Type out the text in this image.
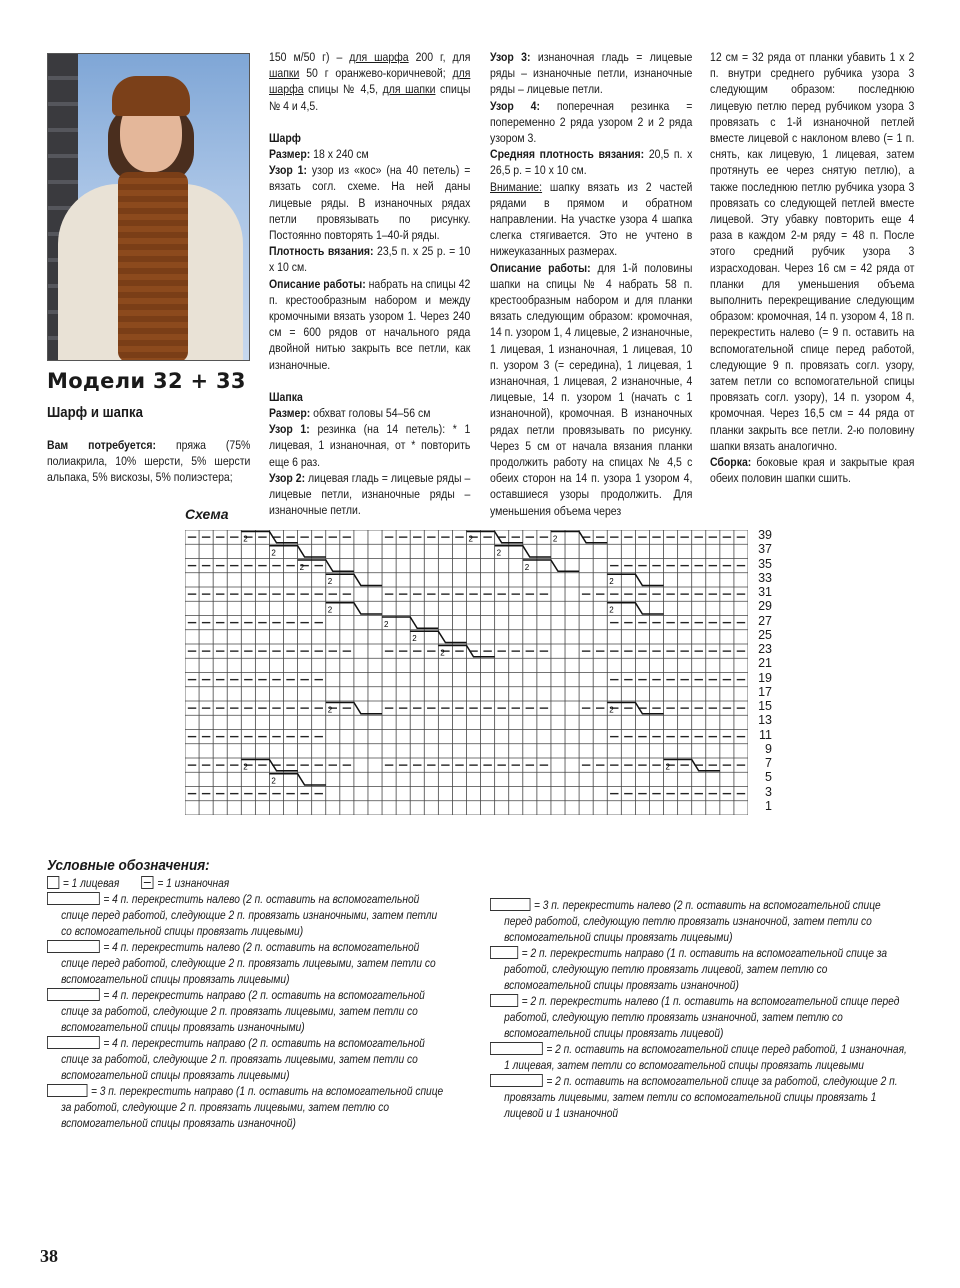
Модели 32 + 33
Шарф и шапка

Вам потребуется: пряжа (75% полиакрила, 10% шерсти, 5% шерсти альпака, 5% вискозы, 5% полиэстера;

150 м/50 г) – для шарфа 200 г, для шапки 50 г оранжево-коричневой; для шарфа спицы № 4,5, для шапки спицы № 4 и 4,5.

Шарф

Размер: 18 х 240 см

Узор 1: узор из «кос» (на 40 петель) = вязать согл. схеме. На ней даны лицевые ряды. В изнаночных рядах петли провязывать по рисунку. Постоянно повторять 1–40-й ряды.

Плотность вязания: 23,5 п. х 25 р. = 10 х 10 см.

Описание работы: набрать на спицы 42 п. крестообразным набором и между кромочными вязать узором 1. Через 240 см = 600 рядов от начального ряда двойной нитью закрыть все петли, как изнаночные.

Шапка

Размер: обхват головы 54–56 см

Узор 1: резинка (на 14 петель): * 1 лицевая, 1 изнаночная, от * повторить еще 6 раз.

Узор 2: лицевая гладь = лицевые ряды – лицевые петли, изнаночные ряды – изнаночные петли.

Узор 3: изнаночная гладь = лицевые ряды – изнаночные петли, изнаночные ряды – лицевые петли.

Узор 4: поперечная резинка = попеременно 2 ряда узором 2 и 2 ряда узором 3.

Средняя плотность вязания: 20,5 п. х 26,5 р. = 10 х 10 см.

Внимание: шапку вязать из 2 частей рядами в прямом и обратном направлении. На участке узора 4 шапка слегка стягивается. Это не учтено в нижеуказанных размерах.

Описание работы: для 1-й половины шапки на спицы № 4 набрать 58 п. крестообразным набором и для планки вязать следующим образом: кромочная, 14 п. узором 1, 4 лицевые, 2 изнаночные, 1 лицевая, 1 изнаночная, 1 лицевая, 10 п. узором 3 (= середина), 1 лицевая, 1 изнаночная, 1 лицевая, 2 изнаночные, 4 лицевые, 14 п. узором 1 (начать с 1 изнаночной), кромочная. В изнаночных рядах петли провязывать по рисунку. Через 5 см от начала вязания планки продолжить работу на спицах № 4,5 с обеих сторон на 14 п. узора 1 узором 4, оставшиеся узоры продолжить. Для уменьшения объема через

12 см = 32 ряда от планки убавить 1 х 2 п. внутри среднего рубчика узора 3 следующим образом: последнюю лицевую петлю перед рубчиком узора 3 провязать с 1-й изнаночной петлей вместе лицевой с наклоном влево (= 1 п. снять, как лицевую, 1 лицевая, затем протянуть ее через снятую петлю), а также последнюю петлю рубчика узора 3 провязать со следующей петлей вместе лицевой. Эту убавку повторить еще 4 раза в каждом 2-м ряду = 48 п. После этого средний рубчик узора 3 израсходован. Через 16 см = 42 ряда от планки для уменьшения объема выполнить перекрещивание следующим образом: кромочная, 14 п. узором 4, 18 п. перекрестить налево (= 9 п. оставить на вспомогательной спице перед работой, следующие 9 п. провязать согл. узору, затем петли со вспомогательной спицы провязать согл. узору), 14 п. узором 4, кромочная. Через 16,5 см = 44 ряда от планки закрыть все петли. 2-ю половину шапки вязать аналогично.

Сборка: боковые края и закрытые края обеих половин шапки сшить.

Схема
2
2
2
2
2
2
2
2
2
2
2
2
2
2
2
2
2
2
2
39
37
35
33
31
29
27
25
23
21
19
17
15
13
11
9
7
5
3
1
Условные обозначения:
= 1 лицевая	= 1 изнаночная
= 4 п. перекрестить налево (2 п. оставить на вспомогательной спице перед работой, следующие 2 п. провязать изнаночными, затем петли со вспомогательной спицы провязать лицевыми)
= 4 п. перекрестить налево (2 п. оставить на вспомогательной спице перед работой, следующие 2 п. провязать лицевыми, затем петли со вспомогательной спицы провязать лицевыми)
= 4 п. перекрестить направо (2 п. оставить на вспомогательной спице за работой, следующие 2 п. провязать лицевыми, затем петли со вспомогательной спицы провязать изнаночными)
= 4 п. перекрестить направо (2 п. оставить на вспомогательной спице за работой, следующие 2 п. провязать лицевыми, затем петли со вспомогательной спицы провязать лицевыми)
= 3 п. перекрестить направо (1 п. оставить на вспомогательной спице за работой, следующие 2 п. провязать лицевыми, затем петлю со вспомогательной спицы провязать изнаночной)
= 3 п. перекрестить налево (2 п. оставить на вспомогательной спице перед работой, следующую петлю провязать изнаночной, затем петли со вспомогательной спицы провязать лицевыми)
= 2 п. перекрестить направо (1 п. оставить на вспомогательной спице за работой, следующую петлю провязать лицевой, затем петлю со вспомогательной спицы провязать изнаночной)
= 2 п. перекрестить налево (1 п. оставить на вспомогательной спице перед работой, следующую петлю провязать изнаночной, затем петлю со вспомогательной спицы провязать лицевой)
= 2 п. оставить на вспомогательной спице перед работой, 1 изнаночная, 1 лицевая, затем петли со вспомогательной спицы провязать лицевыми
= 2 п. оставить на вспомогательной спице за работой, следующие 2 п. провязать лицевыми, затем петли со вспомогательной спицы провязать 1 лицевой и 1 изнаночной
38
